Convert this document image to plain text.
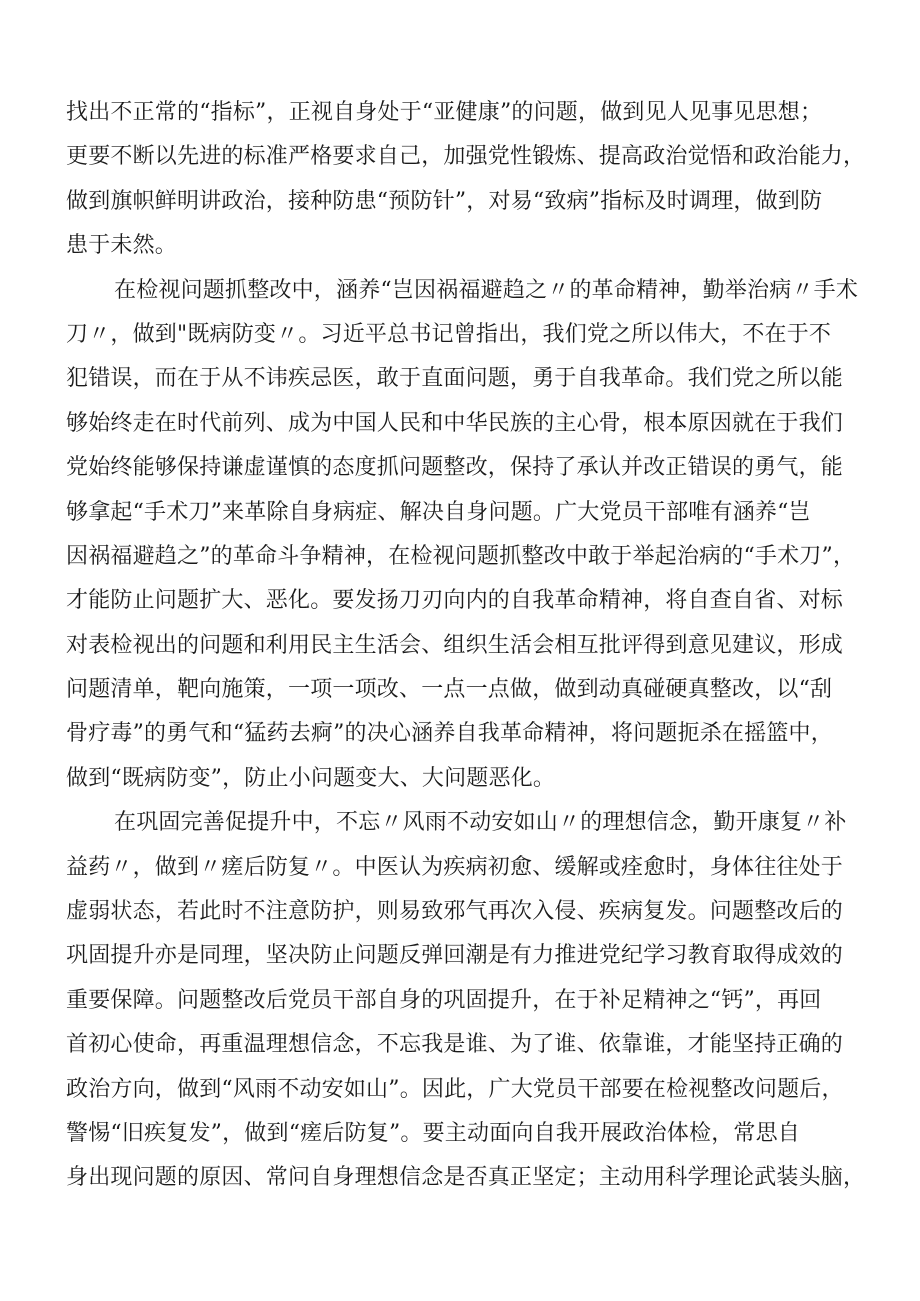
找出不正常的“指标”，正视自身处于“亚健康”的问题，做到见人见事见思想；
更要不断以先进的标准严格要求自己，加强党性锻炼、提高政治觉悟和政治能力，
做到旗帜鲜明讲政治，接种防患“预防针”，对易“致病”指标及时调理，做到防
患于未然。
在检视问题抓整改中，涵养“岂因祸福避趋之〃的革命精神，勤举治病〃手术
刀〃，做到"既病防变〃。习近平总书记曾指出，我们党之所以伟大，不在于不
犯错误，而在于从不讳疾忌医，敢于直面问题，勇于自我革命。我们党之所以能
够始终走在时代前列、成为中国人民和中华民族的主心骨，根本原因就在于我们
党始终能够保持谦虚谨慎的态度抓问题整改，保持了承认并改正错误的勇气，能
够拿起“手术刀”来革除自身病症、解决自身问题。广大党员干部唯有涵养“岂
因祸福避趋之”的革命斗争精神，在检视问题抓整改中敢于举起治病的“手术刀”，
才能防止问题扩大、恶化。要发扬刀刃向内的自我革命精神，将自查自省、对标
对表检视出的问题和利用民主生活会、组织生活会相互批评得到意见建议，形成
问题清单，靶向施策，一项一项改、一点一点做，做到动真碰硬真整改，以“刮
骨疗毒”的勇气和“猛药去痾”的决心涵养自我革命精神，将问题扼杀在摇篮中，
做到“既病防变”，防止小问题变大、大问题恶化。
在巩固完善促提升中，不忘〃风雨不动安如山〃的理想信念，勤开康复〃补
益药〃，做到〃瘥后防复〃。中医认为疾病初愈、缓解或痊愈时，身体往往处于
虚弱状态，若此时不注意防护，则易致邪气再次入侵、疾病复发。问题整改后的
巩固提升亦是同理，坚决防止问题反弹回潮是有力推进党纪学习教育取得成效的
重要保障。问题整改后党员干部自身的巩固提升，在于补足精神之“钙”，再回
首初心使命，再重温理想信念，不忘我是谁、为了谁、依靠谁，才能坚持正确的
政治方向，做到“风雨不动安如山”。因此，广大党员干部要在检视整改问题后，
警惕“旧疾复发”，做到“瘥后防复”。要主动面向自我开展政治体检，常思自
身出现问题的原因、常问自身理想信念是否真正坚定；主动用科学理论武装头脑，
